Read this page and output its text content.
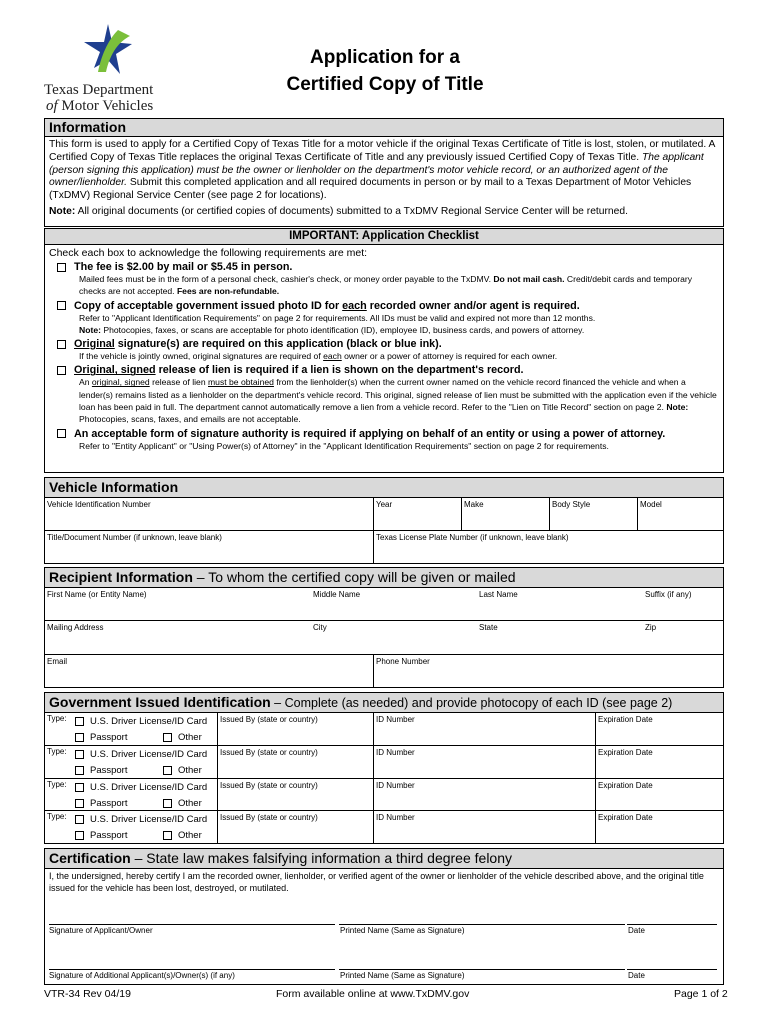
Texas Department
of Motor Vehicles
Application for a
Certified Copy of Title
Information
This form is used to apply for a Certified Copy of Texas Title for a motor vehicle if the original Texas Certificate of Title is lost, stolen, or mutilated. A Certified Copy of Texas Title replaces the original Texas Certificate of Title and any previously issued Certified Copy of Texas Title. The applicant (person signing this application) must be the owner or lienholder on the department's motor vehicle record, or an authorized agent of the owner/lienholder. Submit this completed application and all required documents in person or by mail to a Texas Department of Motor Vehicles (TxDMV) Regional Service Center (see page 2 for locations).
Note: All original documents (or certified copies of documents) submitted to a TxDMV Regional Service Center will be returned.
IMPORTANT: Application Checklist
Check each box to acknowledge the following requirements are met:
The fee is $2.00 by mail or $5.45 in person.
Mailed fees must be in the form of a personal check, cashier's check, or money order payable to the TxDMV. Do not mail cash. Credit/debit cards and temporary checks are not accepted. Fees are non-refundable.
Copy of acceptable government issued photo ID for each recorded owner and/or agent is required.
Refer to "Applicant Identification Requirements" on page 2 for requirements. All IDs must be valid and expired not more than 12 months.
Note: Photocopies, faxes, or scans are acceptable for photo identification (ID), employee ID, business cards, and powers of attorney.
Original signature(s) are required on this application (black or blue ink).
If the vehicle is jointly owned, original signatures are required of each owner or a power of attorney is required for each owner.
Original, signed release of lien is required if a lien is shown on the department's record.
An original, signed release of lien must be obtained from the lienholder(s) when the current owner named on the vehicle record financed the vehicle and when a lender(s) remains listed as a lienholder on the department's vehicle record. This original, signed release of lien must be submitted with the application even if the vehicle loan has been paid in full. The department cannot automatically remove a lien from a vehicle record. Refer to the "Lien on Title Record" section on page 2. Note: Photocopies, scans, faxes, and emails are not acceptable.
An acceptable form of signature authority is required if applying on behalf of an entity or using a power of attorney.
Refer to "Entity Applicant" or "Using Power(s) of Attorney" in the "Applicant Identification Requirements" section on page 2 for requirements.
Vehicle Information
Vehicle Identification Number	Year	Make	Body Style	Model
Title/Document Number (if unknown, leave blank)	Texas License Plate Number (if unknown, leave blank)
Recipient Information – To whom the certified copy will be given or mailed
First Name (or Entity Name)	Middle Name	Last Name	Suffix (if any)
Mailing Address	City	State	Zip
Email	Phone Number
Government Issued Identification – Complete (as needed) and provide photocopy of each ID (see page 2)
Type: U.S. Driver License/ID Card
Passport	Other
Issued By (state or country)	ID Number	Expiration Date
Type: U.S. Driver License/ID Card
Passport	Other
Issued By (state or country)	ID Number	Expiration Date
Type: U.S. Driver License/ID Card
Passport	Other
Issued By (state or country)	ID Number	Expiration Date
Type: U.S. Driver License/ID Card
Passport	Other
Issued By (state or country)	ID Number	Expiration Date
Certification – State law makes falsifying information a third degree felony
I, the undersigned, hereby certify I am the recorded owner, lienholder, or verified agent of the owner or lienholder of the vehicle described above, and the original title issued for the vehicle has been lost, destroyed, or mutilated.
Signature of Applicant/Owner	Printed Name (Same as Signature)	Date
Signature of Additional Applicant(s)/Owner(s) (if any)	Printed Name (Same as Signature)	Date
VTR-34 Rev 04/19	Form available online at www.TxDMV.gov	Page 1 of 2
